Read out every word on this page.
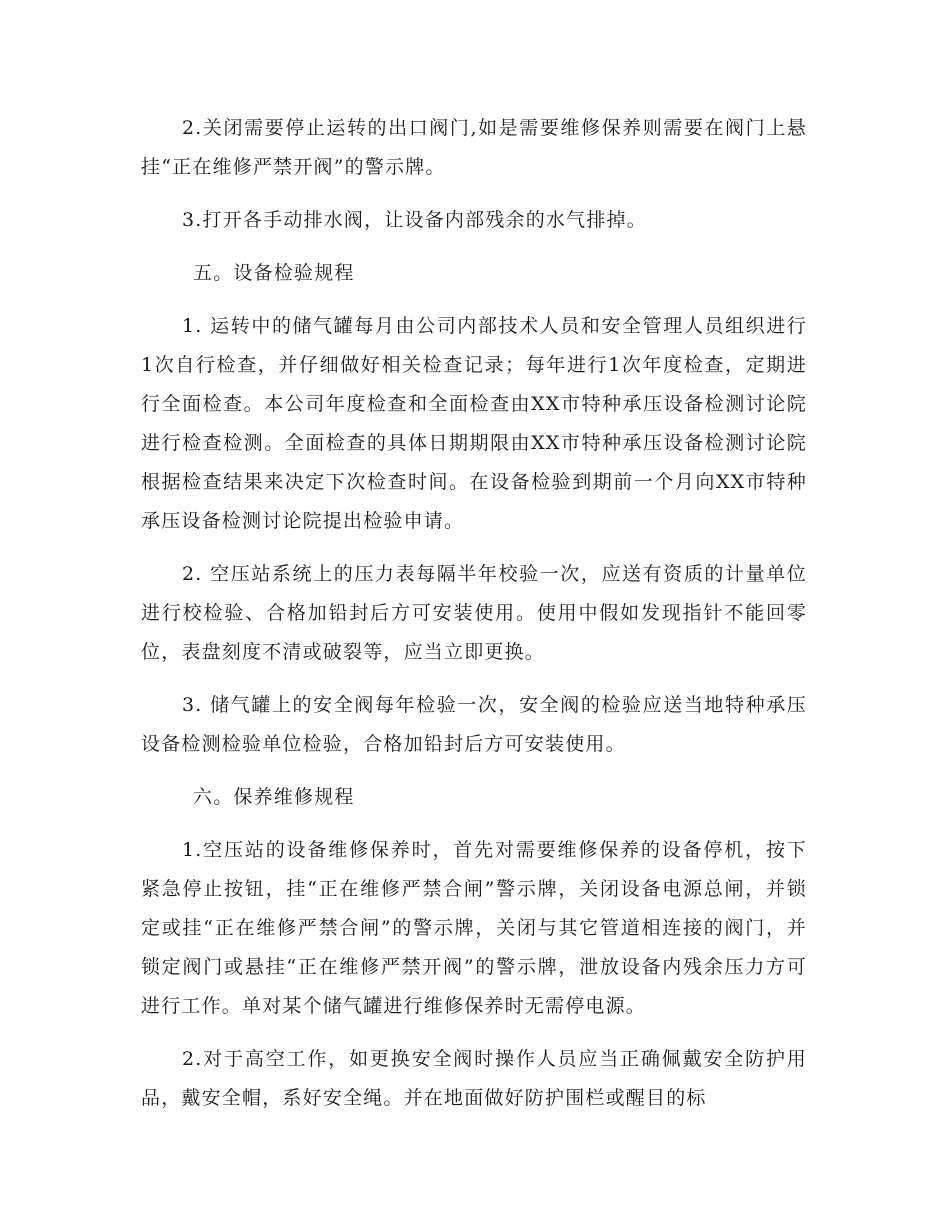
2.关闭需要停止运转的出口阀门,如是需要维修保养则需要在阀门上悬挂“正在维修严禁开阀”的警示牌。

3.打开各手动排水阀，让设备内部残余的水气排掉。

五。设备检验规程

1. 运转中的储气罐每月由公司内部技术人员和安全管理人员组织进行1次自行检查，并仔细做好相关检查记录；每年进行1次年度检查，定期进行全面检查。本公司年度检查和全面检查由XX市特种承压设备检测讨论院进行检查检测。全面检查的具体日期期限由XX市特种承压设备检测讨论院根据检查结果来决定下次检查时间。在设备检验到期前一个月向XX市特种承压设备检测讨论院提出检验申请。

2. 空压站系统上的压力表每隔半年校验一次，应送有资质的计量单位进行校检验、合格加铅封后方可安装使用。使用中假如发现指针不能回零位，表盘刻度不清或破裂等，应当立即更换。

3. 储气罐上的安全阀每年检验一次，安全阀的检验应送当地特种承压设备检测检验单位检验，合格加铅封后方可安装使用。

六。保养维修规程

1.空压站的设备维修保养时，首先对需要维修保养的设备停机，按下紧急停止按钮，挂“正在维修严禁合闸”警示牌，关闭设备电源总闸，并锁定或挂“正在维修严禁合闸”的警示牌，关闭与其它管道相连接的阀门，并锁定阀门或悬挂“正在维修严禁开阀”的警示牌，泄放设备内残余压力方可进行工作。单对某个储气罐进行维修保养时无需停电源。

2.对于高空工作，如更换安全阀时操作人员应当正确佩戴安全防护用品，戴安全帽，系好安全绳。并在地面做好防护围栏或醒目的标
